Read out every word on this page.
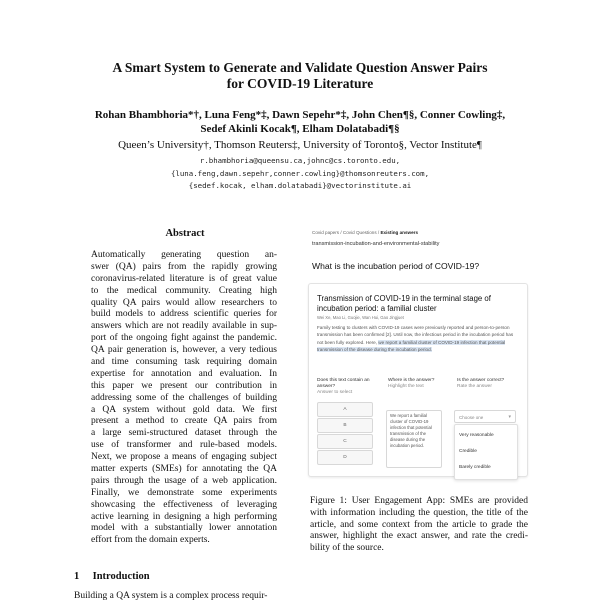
A Smart System to Generate and Validate Question Answer Pairs
for COVID-19 Literature
Rohan Bhambhoria*†, Luna Feng*‡, Dawn Sepehr*‡, John Chen¶§, Conner Cowling‡,
Sedef Akinli Kocak¶, Elham Dolatabadi¶§
Queen’s University†, Thomson Reuters‡, University of Toronto§, Vector Institute¶
r.bhambhoria@queensu.ca,johnc@cs.toronto.edu,
{luna.feng,dawn.sepehr,conner.cowling}@thomsonreuters.com,
{sedef.kocak, elham.dolatabadi}@vectorinstitute.ai
Abstract
Automatically generating question an-
swer (QA) pairs from the rapidly growing
coronavirus-related literature is of great value
to the medical community. Creating high
quality QA pairs would allow researchers to
build models to address scientific queries for
answers which are not readily available in sup-
port of the ongoing fight against the pandemic.
QA pair generation is, however, a very tedious
and time consuming task requiring domain
expertise for annotation and evaluation. In
this paper we present our contribution in
addressing some of the challenges of building
a QA system without gold data. We first
present a method to create QA pairs from
a large semi-structured dataset through the
use of transformer and rule-based models.
Next, we propose a means of engaging subject
matter experts (SMEs) for annotating the QA
pairs through the usage of a web application.
Finally, we demonstrate some experiments
showcasing the effectiveness of leveraging
active learning in designing a high performing
model with a substantially lower annotation
effort from the domain experts.
1 Introduction
Building a QA system is a complex process requir-
Covid papers / Covid Questions / Existing answers
transmission-incubation-and-environmental-stability
What is the incubation period of COVID-19?
Transmission of COVID-19 in the terminal stage of incubation period: a familial cluster
Wei Xe, Mao Li, Guojie, Wan Hui, Gao Jingjuet
Family testing to clusters with COVID-19 cases were previously reported and person-to-person transmission has been confirmed [2]. Until now, the infectious period in the incubation period has not been fully explored. Here, we report a familial cluster of COVID-19 infection that potential transmission of the disease during the incubation period.
Does this text contain an answer?
Answer to select
Where is the answer?
Highlight the text
Is the answer correct?
Rate the answer
A
B
C
D
We report a familial cluster of COVID-19 infection that potential transmission of the disease during the incubation period.
Choose one	▾
Very reasonable
Credible
Barely credible
Figure 1: User Engagement App: SMEs are provided
with information including the question, the title of the
article, and some context from the article to grade the
answer, highlight the exact answer, and rate the credi-
bility of the source.
